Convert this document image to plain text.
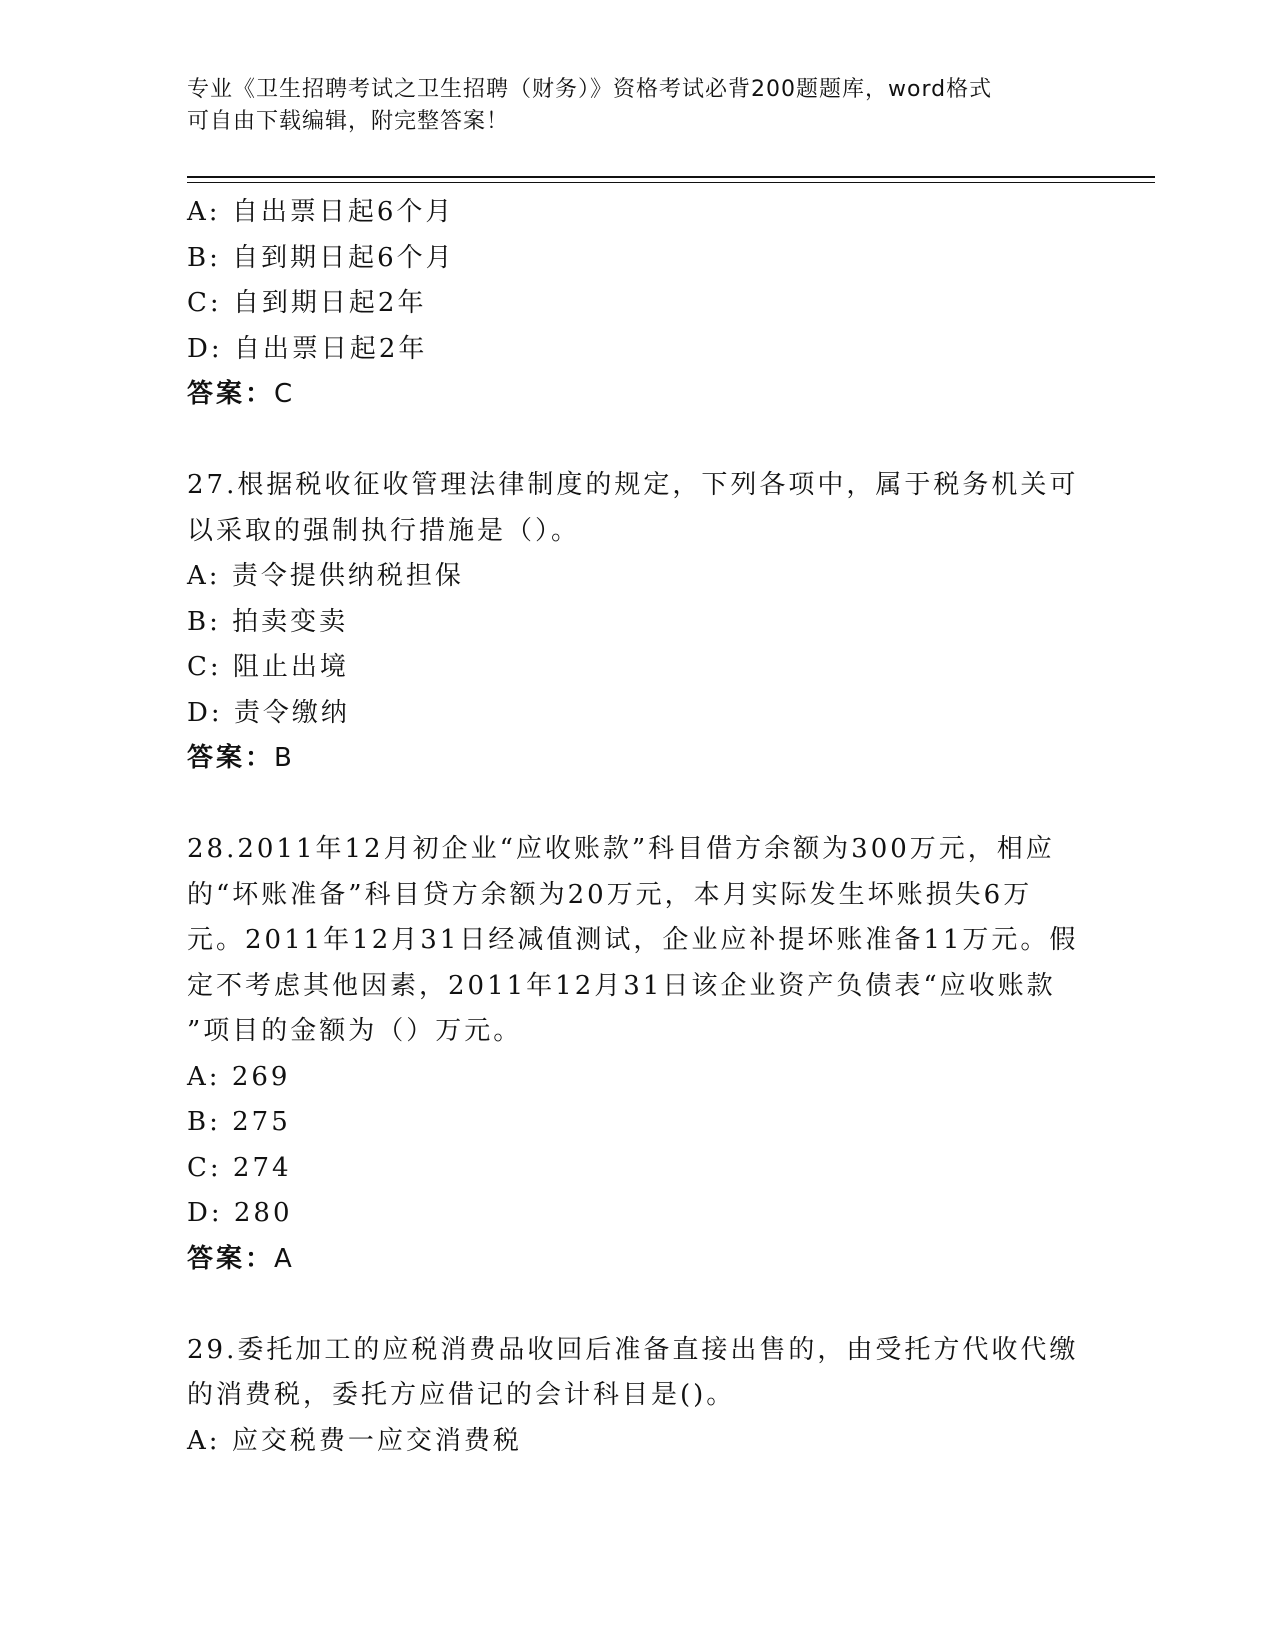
专业《卫生招聘考试之卫生招聘（财务）》资格考试必背200题题库，word格式
可自由下载编辑，附完整答案！
A: 自出票日起6个月
B: 自到期日起6个月
C: 自到期日起2年
D: 自出票日起2年
答案：C
27.根据税收征收管理法律制度的规定，下列各项中，属于税务机关可
以采取的强制执行措施是（）。
A: 责令提供纳税担保
B: 拍卖变卖
C: 阻止出境
D: 责令缴纳
答案：B
28.2011年12月初企业“应收账款”科目借方余额为300万元，相应
的“坏账准备”科目贷方余额为20万元，本月实际发生坏账损失6万
元。2011年12月31日经减值测试，企业应补提坏账准备11万元。假
定不考虑其他因素，2011年12月31日该企业资产负债表“应收账款
”项目的金额为（）万元。
A: 269
B: 275
C: 274
D: 280
答案：A
29.委托加工的应税消费品收回后准备直接出售的，由受托方代收代缴
的消费税，委托方应借记的会计科目是()。
A: 应交税费一应交消费税
